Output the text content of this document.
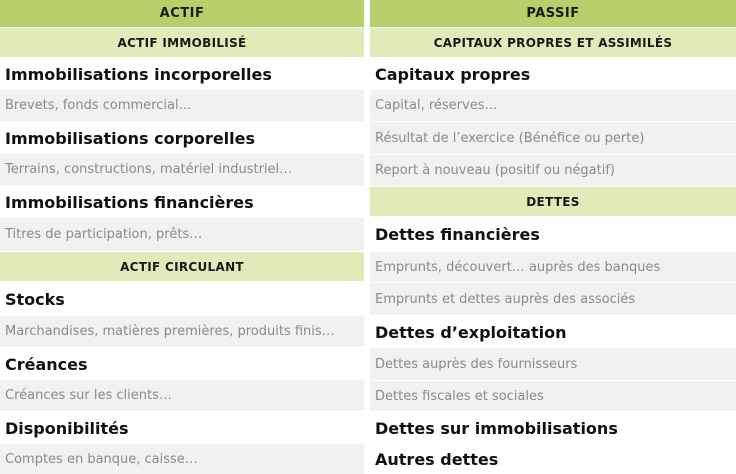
ACTIF
ACTIF IMMOBILISÉ
Immobilisations incorporelles
Brevets, fonds commercial…
Immobilisations corporelles
Terrains, constructions, matériel industriel…
Immobilisations financières
Titres de participation, prêts…
ACTIF CIRCULANT
Stocks
Marchandises, matières premières, produits finis…
Créances
Créances sur les clients…
Disponibilités
Comptes en banque, caisse…
PASSIF
CAPITAUX PROPRES ET ASSIMILÉS
Capitaux propres
Capital, réserves…
Résultat de l’exercice (Bénéfice ou perte)
Report à nouveau (positif ou négatif)
DETTES
Dettes financières
Emprunts, découvert… auprès des banques
Emprunts et dettes auprès des associés
Dettes d’exploitation
Dettes auprès des fournisseurs
Dettes fiscales et sociales
Dettes sur immobilisations
Autres dettes
